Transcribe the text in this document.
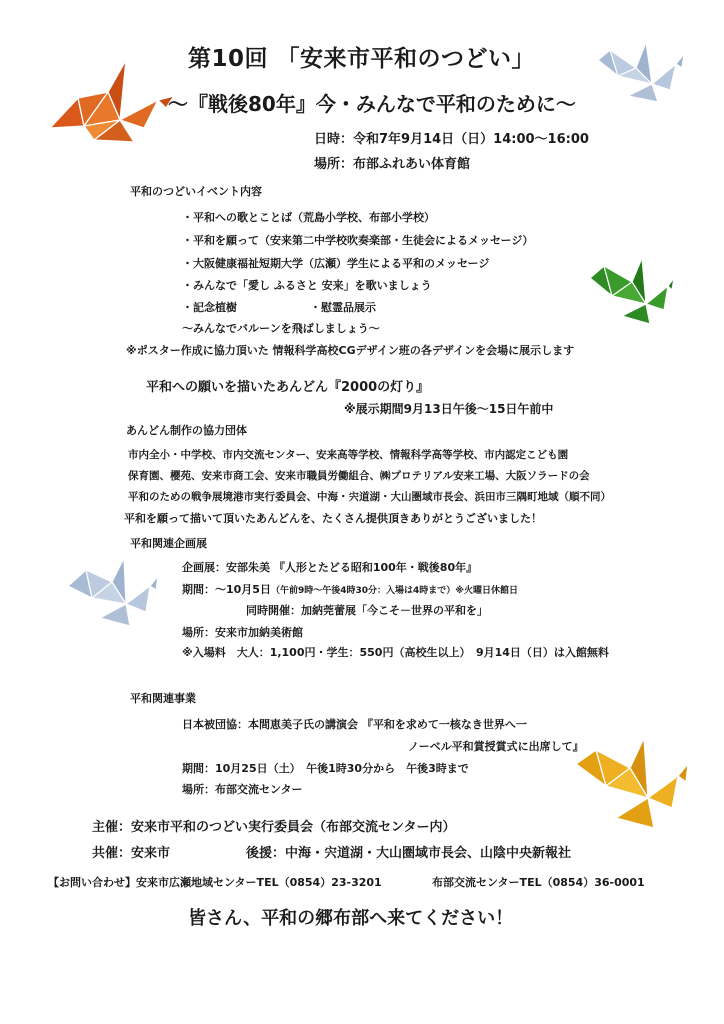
第10回 「安来市平和のつどい」
～『戦後80年』今・みんなで平和のために～
日時：令和7年9月14日（日）14:00～16:00
場所：布部ふれあい体育館
平和のつどいイベント内容
・平和への歌とことば（荒島小学校、布部小学校）
・平和を願って（安来第二中学校吹奏楽部・生徒会によるメッセージ）
・大阪健康福祉短期大学（広瀬）学生による平和のメッセージ
・みんなで「愛し ふるさと 安来」を歌いましょう
・記念植樹	・慰霊品展示
～みんなでバルーンを飛ばしましょう～
※ポスター作成に協力頂いた 情報科学高校CGデザイン班の各デザインを会場に展示します
平和への願いを描いたあんどん『2000の灯り』
※展示期間9月13日午後～15日午前中
あんどん制作の協力団体
市内全小・中学校、市内交流センター、安来高等学校、情報科学高等学校、市内認定こども園
保育園、櫻苑、安来市商工会、安来市職員労働組合、㈱プロテリアル安来工場、大阪ソラードの会
平和のための戦争展境港市実行委員会、中海・宍道湖・大山圏域市長会、浜田市三隅町地域（順不同）
平和を願って描いて頂いたあんどんを、たくさん提供頂きありがとうございました！
平和関連企画展
企画展：安部朱美 『人形とたどる昭和100年・戦後80年』
期間：～10月5日（午前9時～午後4時30分：入場は4時まで）※火曜日休館日
同時開催：加納莞蕾展「今こそ－世界の平和を」
場所：安来市加納美術館
※入場料　大人：1,100円・学生：550円（高校生以上）　9月14日（日）は入館無料
平和関連事業
日本被団協：本間恵美子氏の講演会 『平和を求めて一核なき世界へ一
ノーベル平和賞授賞式に出席して』
期間：10月25日（土）　午後1時30分から　午後3時まで
場所：布部交流センター
主催：安来市平和のつどい実行委員会（布部交流センター内）
共催：安来市	後援：中海・宍道湖・大山圏域市長会、山陰中央新報社
【お問い合わせ】安来市広瀬地域センターTEL（0854）23-3201	布部交流センターTEL（0854）36-0001
皆さん、平和の郷布部へ来てください！
